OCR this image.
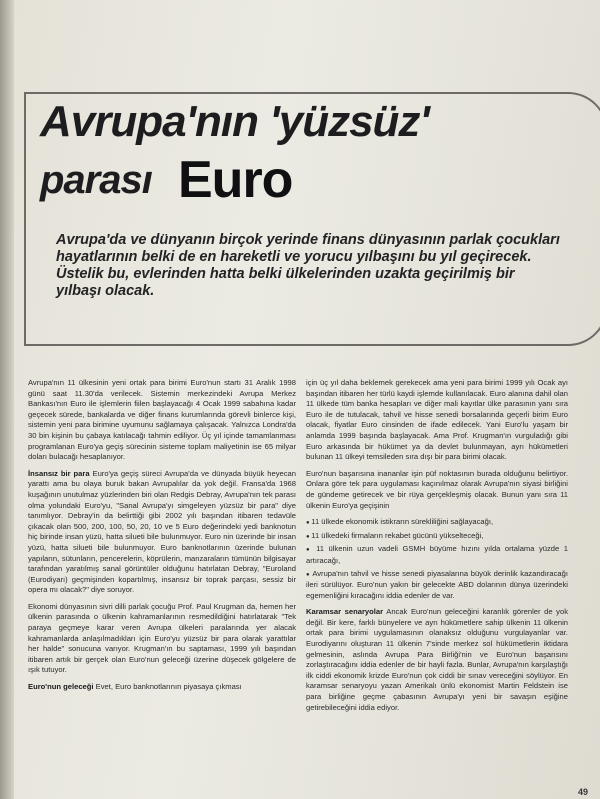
Avrupa'nın 'yüzsüz'
parası Euro

Avrupa'da ve dünyanın birçok yerinde finans dünyasının parlak çocukları hayatlarının belki de en hareketli ve yorucu yılbaşını bu yıl geçirecek. Üstelik bu, evlerinden hatta belki ülkelerinden uzakta geçirilmiş bir yılbaşı olacak.

Avrupa'nın 11 ülkesinin yeni ortak para birimi Euro'nun startı 31 Aralık 1998 günü saat 11.30'da verilecek. Sistemin merkezindeki Avrupa Merkez Bankası'nın Euro ile işlemlerin fiilen başlayacağı 4 Ocak 1999 sabahına kadar geçecek sürede, bankalarda ve diğer finans kurumlarında görevli binlerce kişi, sistemin yeni para birimine uyumunu sağlamaya çalışacak. Yalnızca Londra'da 30 bin kişinin bu çabaya katılacağı tahmin ediliyor. Üç yıl içinde tamamlanması programlanan Euro'ya geçiş sürecinin sisteme toplam maliyetinin ise 65 milyar doları bulacağı hesaplanıyor.

İnsansız bir para Euro'ya geçiş süreci Avrupa'da ve dünyada büyük heyecan yarattı ama bu olaya buruk bakan Avrupalılar da yok değil. Fransa'da 1968 kuşağının unutulmaz yüzlerinden biri olan Redgis Debray, Avrupa'nın tek parası olma yolundaki Euro'yu, "Sanal Avrupa'yı simgeleyen yüzsüz bir para" diye tanımlıyor. Debray'in da belirttiği gibi 2002 yılı başından itibaren tedavüle çıkacak olan 500, 200, 100, 50, 20, 10 ve 5 Euro değerindeki yedi banknotun hiç birinde insan yüzü, hatta silueti bile bulunmuyor. Euro nin üzerinde bir insan yüzü, hatta silueti bile bulunmuyor. Euro banknotlarının üzerinde bulunan yapıların, sütunların, pencerelerin, köprülerin, manzaraların tümünün bilgisayar tarafından yaratılmış sanal görüntüler olduğunu hatırlatan Debray, "Euroland (Eurodiyarı) geçmişinden kopartılmış, insansız bir toprak parçası, sessiz bir opera mı olacak?" diye soruyor.

Ekonomi dünyasının sivri dilli parlak çocuğu Prof. Paul Krugman da, hemen her ülkenin parasında o ülkenin kahramanlarının resmedildiğini hatırlatarak "Tek paraya geçmeye karar veren Avrupa ülkeleri paralarında yer alacak kahramanlarda anlaşılmadıkları için Euro'yu yüzsüz bir para olarak yarattılar her halde" sonucuna varıyor. Krugman'ın bu saptaması, 1999 yılı başından itibaren artık bir gerçek olan Euro'nun geleceği üzerine düşecek gölgelere de ışık tutuyor.

Euro'nun geleceği Evet, Euro banknotlarının piyasaya çıkması

için üç yıl daha beklemek gerekecek ama yeni para birimi 1999 yılı Ocak ayı başından itibaren her türlü kaydi işlemde kullanılacak. Euro alanına dahil olan 11 ülkede tüm banka hesapları ve diğer mali kayıtlar ülke parasının yanı sıra Euro ile de tutulacak, tahvil ve hisse senedi borsalarında geçerli birim Euro olacak, fiyatlar Euro cinsinden de ifade edilecek. Yani Euro'lu yaşam bir anlamda 1999 başında başlayacak. Ama Prof. Krugman'ın vurguladığı gibi Euro arkasında bir hükümet ya da devlet bulunmayan, ayrı hükümetleri bulunan 11 ülkeyi temsileden sıra dışı bir para birimi olacak.

Euro'nun başarısına inananlar işin püf noktasının burada olduğunu belirtiyor. Onlara göre tek para uygulaması kaçınılmaz olarak Avrupa'nın siyasi birliğini de gündeme getirecek ve bir rüya gerçekleşmiş olacak. Bunun yanı sıra 11 ülkenin Euro'ya geçişinin

● 11 ülkede ekonomik istikrarın sürekliliğini sağlayacağı,
● 11 ülkedeki firmaların rekabet gücünü yükselteceği,
● 11 ülkenin uzun vadeli GSMH büyüme hızını yılda ortalama yüzde 1 artıracağı,
● Avrupa'nın tahvil ve hisse senedi piyasalarına büyük derinlik kazandıracağı ileri sürülüyor. Euro'nun yakın bir gelecekte ABD dolarının dünya üzerindeki egemenliğini kıracağını iddia edenler de var.

Karamsar senaryolar Ancak Euro'nun geleceğini karanlık görenler de yok değil. Bir kere, farklı bünyelere ve ayrı hükümetlere sahip ülkenin 11 ülkenin ortak para birimi uygulamasının olanaksız olduğunu vurgulayanlar var. Eurodiyarını oluşturan 11 ülkenin 7'sinde merkez sol hükümetlerin iktidara gelmesinin, aslında Avrupa Para Birliği'nin ve Euro'nun başarısını zorlaştıracağını iddia edenler de bir hayli fazla. Bunlar, Avrupa'nın karşılaştığı ilk ciddi ekonomik krizde Euro'nun çok ciddi bir sınav vereceğini söylüyor. En karamsar senaryoyu yazan Amerikalı ünlü ekonomist Martin Feldstein ise para birliğine geçme çabasının Avrupa'yı yeni bir savaşın eşiğine getirebileceğini iddia ediyor.

49
